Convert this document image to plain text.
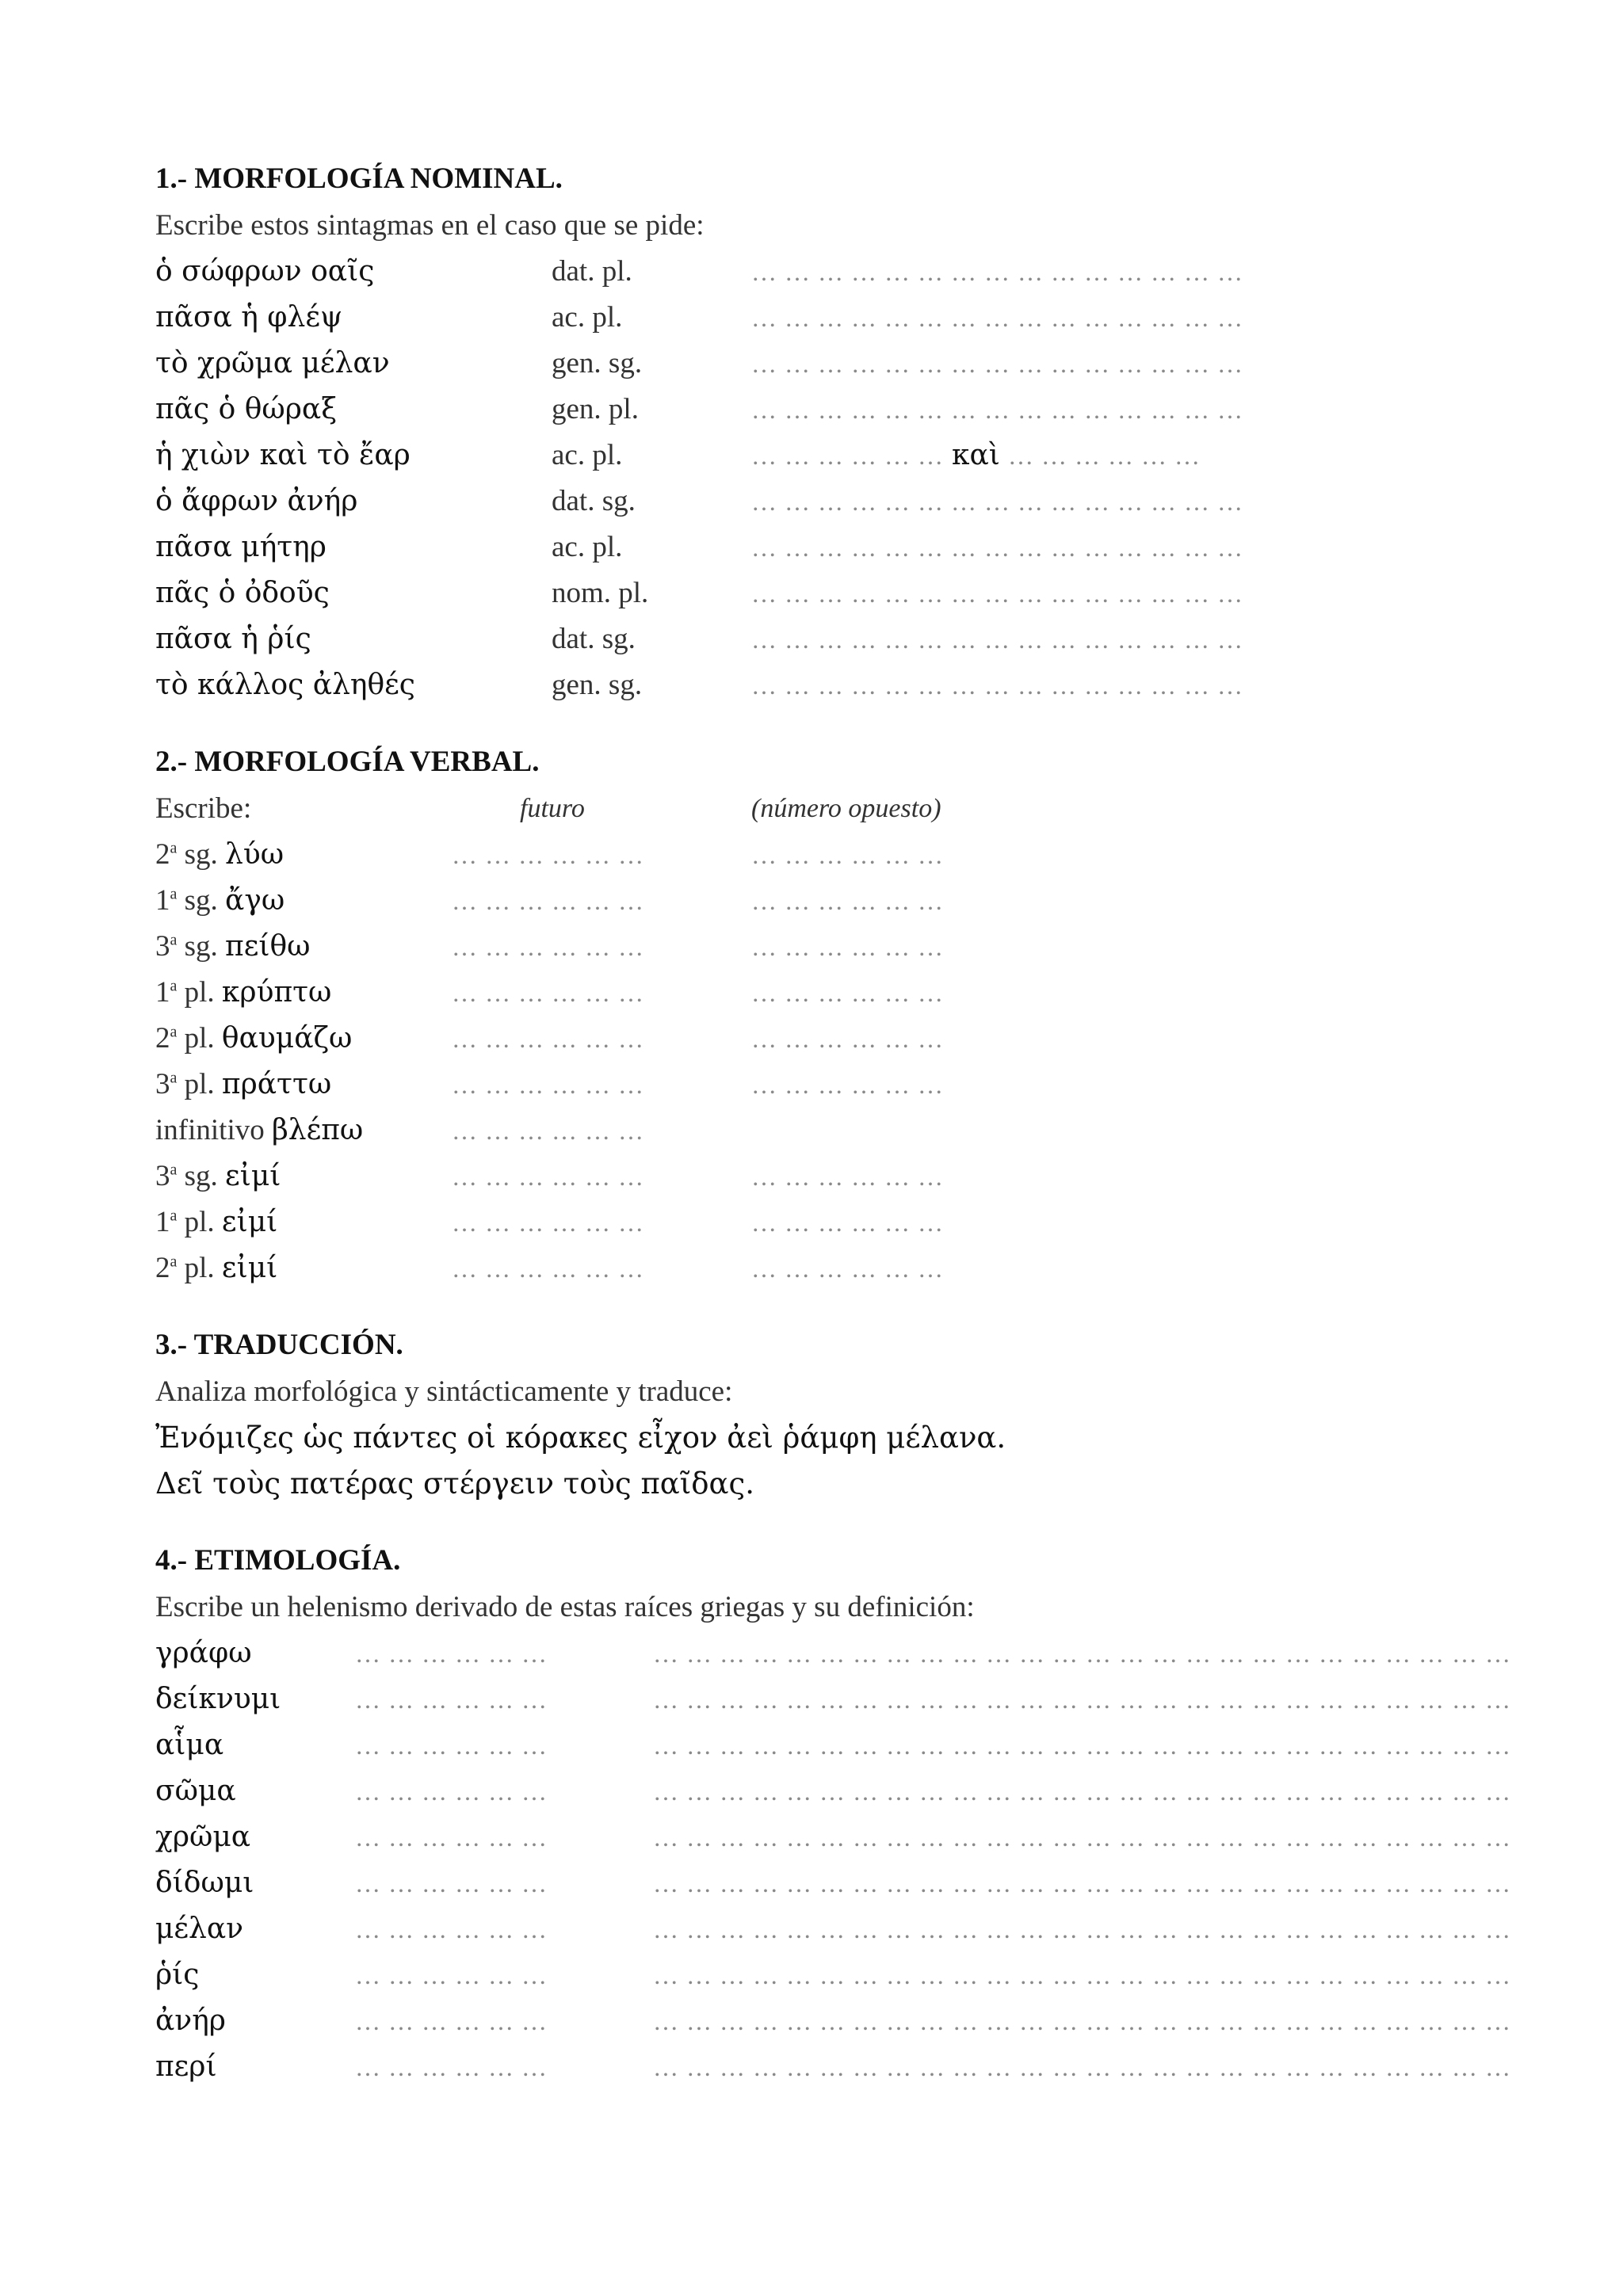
1.- MORFOLOGÍA NOMINAL.
Escribe estos sintagmas en el caso que se pide:
ὁ σώφρων οαῖς	dat. pl.	… … … … … … … … … … … … … … …
πᾶσα ἡ φλέψ	ac. pl.	… … … … … … … … … … … … … … …
τὸ χρῶμα μέλαν	gen. sg.	… … … … … … … … … … … … … … …
πᾶς ὁ θώραξ	gen. pl.	… … … … … … … … … … … … … … …
ἡ χιὼν καὶ τὸ ἔαρ	ac. pl.	… … … … … … καὶ … … … … … …
ὁ ἄφρων ἀνήρ	dat. sg.	… … … … … … … … … … … … … … …
πᾶσα μήτηρ	ac. pl.	… … … … … … … … … … … … … … …
πᾶς ὁ ὀδοῦς	nom. pl.	… … … … … … … … … … … … … … …
πᾶσα ἡ ῥίς	dat. sg.	… … … … … … … … … … … … … … …
τὸ κάλλος ἀληθές	gen. sg.	… … … … … … … … … … … … … … …
2.- MORFOLOGÍA VERBAL.
Escribe:	futuro	(número opuesto)
2$^a$ sg. λύω	… … … … … …	… … … … … …
1$^a$ sg. ἄγω	… … … … … …	… … … … … …
3$^a$ sg. πείθω	… … … … … …	… … … … … …
1$^a$ pl. κρύπτω	… … … … … …	… … … … … …
2$^a$ pl. θαυμάζω	… … … … … …	… … … … … …
3$^a$ pl. πράττω	… … … … … …	… … … … … …
infinitivo βλέπω	… … … … … …
3$^a$ sg. εἰμί	… … … … … …	… … … … … …
1$^a$ pl. εἰμί	… … … … … …	… … … … … …
2$^a$ pl. εἰμί	… … … … … …	… … … … … …
3.- TRADUCCIÓN.
Analiza morfológica y sintácticamente y traduce:
Ἐνόμιζες ὡς πάντες οἱ κόρακες εἶχον ἀεὶ ῥάμφη μέλανα.
Δεῖ τοὺς πατέρας στέργειν τοὺς παῖδας.
4.- ETIMOLOGÍA.
Escribe un helenismo derivado de estas raíces griegas y su definición:
γράφω	… … … … … …	… … … … … … … … … … … … … … … … … … … … … … … … … …
δείκνυμι	… … … … … …	… … … … … … … … … … … … … … … … … … … … … … … … … …
αἷμα	… … … … … …	… … … … … … … … … … … … … … … … … … … … … … … … … …
σῶμα	… … … … … …	… … … … … … … … … … … … … … … … … … … … … … … … … …
χρῶμα	… … … … … …	… … … … … … … … … … … … … … … … … … … … … … … … … …
δίδωμι	… … … … … …	… … … … … … … … … … … … … … … … … … … … … … … … … …
μέλαν	… … … … … …	… … … … … … … … … … … … … … … … … … … … … … … … … …
ῥίς	… … … … … …	… … … … … … … … … … … … … … … … … … … … … … … … … …
ἀνήρ	… … … … … …	… … … … … … … … … … … … … … … … … … … … … … … … … …
περί	… … … … … …	… … … … … … … … … … … … … … … … … … … … … … … … … …
